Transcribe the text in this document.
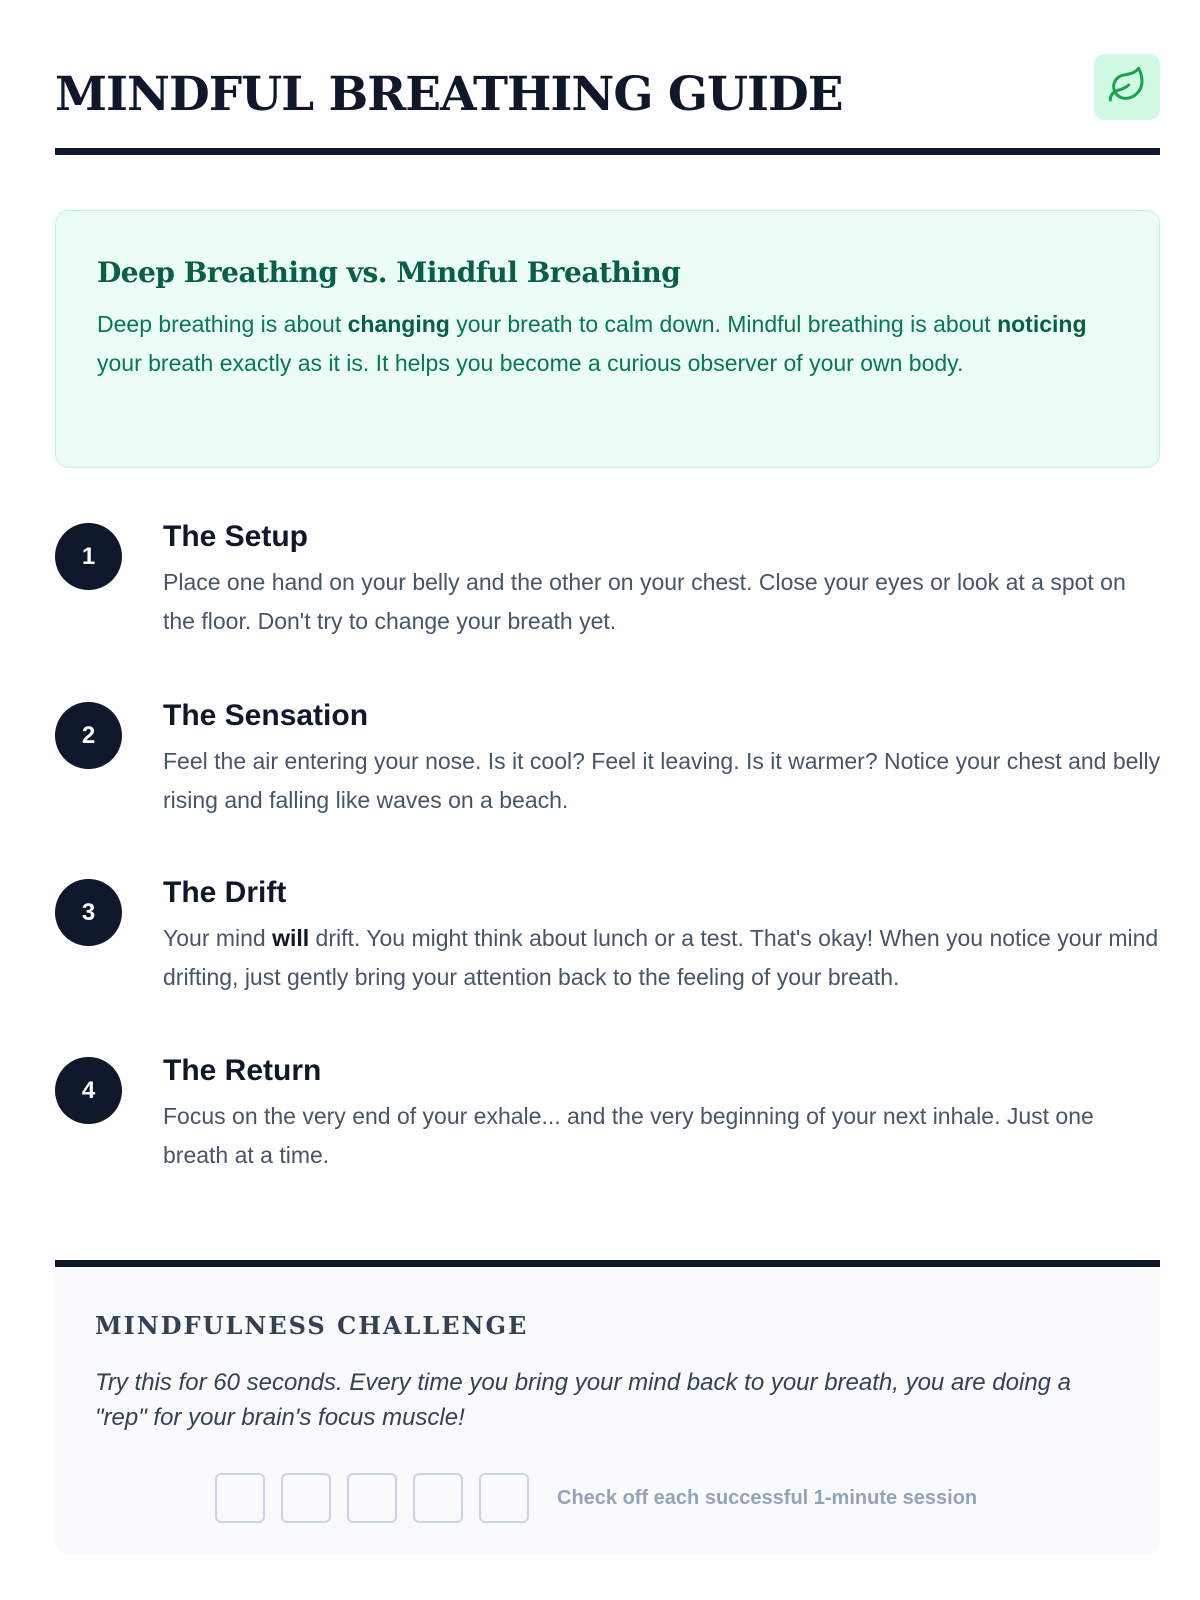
MINDFUL BREATHING GUIDE
Deep Breathing vs. Mindful Breathing

Deep breathing is about changing your breath to calm down. Mindful breathing is about noticing your breath exactly as it is. It helps you become a curious observer of your own body.

1
The Setup

Place one hand on your belly and the other on your chest. Close your eyes or look at a spot on the floor. Don't try to change your breath yet.

2
The Sensation

Feel the air entering your nose. Is it cool? Feel it leaving. Is it warmer? Notice your chest and belly rising and falling like waves on a beach.

3
The Drift

Your mind will drift. You might think about lunch or a test. That's okay! When you notice your mind drifting, just gently bring your attention back to the feeling of your breath.

4
The Return

Focus on the very end of your exhale... and the very beginning of your next inhale. Just one breath at a time.

MINDFULNESS CHALLENGE

Try this for 60 seconds. Every time you bring your mind back to your breath, you are doing a "rep" for your brain's focus muscle!

Check off each successful 1-minute session
